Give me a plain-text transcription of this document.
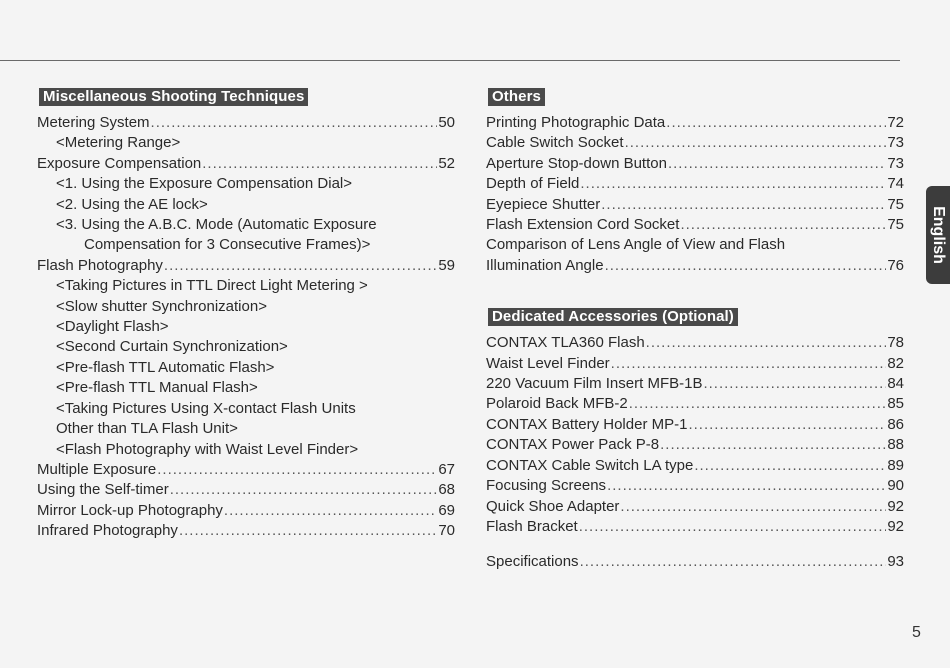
Miscellaneous Shooting Techniques
Metering System .....	50
<Metering Range>
Exposure Compensation .....	52
<1. Using the Exposure Compensation Dial>
<2. Using the AE lock>
<3. Using the A.B.C. Mode (Automatic Exposure
Compensation for 3 Consecutive Frames)>
Flash Photography .....	59
<Taking Pictures in TTL Direct Light Metering >
<Slow shutter Synchronization>
<Daylight Flash>
<Second Curtain Synchronization>
<Pre-flash TTL Automatic Flash>
<Pre-flash TTL Manual Flash>
<Taking Pictures Using X-contact Flash Units
Other than TLA Flash Unit>
<Flash Photography with Waist Level Finder>
Multiple Exposure .....	67
Using the Self-timer .....	68
Mirror Lock-up Photography .....	69
Infrared Photography .....	70
Others
Printing Photographic Data .....	72
Cable Switch Socket .....	73
Aperture Stop-down Button .....	73
Depth of Field .....	74
Eyepiece Shutter .....	75
Flash Extension Cord Socket .....	75
Comparison of Lens Angle of View and Flash
Illumination Angle .....	76
Dedicated Accessories (Optional)
CONTAX TLA360 Flash .....	78
Waist Level Finder .....	82
220 Vacuum Film Insert MFB-1B .....	84
Polaroid Back MFB-2 .....	85
CONTAX Battery Holder MP-1 .....	86
CONTAX Power Pack P-8 .....	88
CONTAX Cable Switch LA type .....	89
Focusing Screens .....	90
Quick Shoe Adapter .....	92
Flash Bracket .....	92
Specifications .....	93
English
5
